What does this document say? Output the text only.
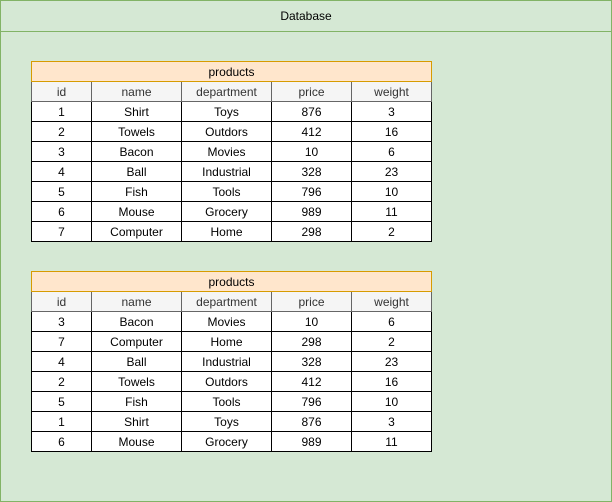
Database
products				
id	name	department	price	weight
1	Shirt	Toys	876	3
2	Towels	Outdors	412	16
3	Bacon	Movies	10	6
4	Ball	Industrial	328	23
5	Fish	Tools	796	10
6	Mouse	Grocery	989	11
7	Computer	Home	298	2
products				
id	name	department	price	weight
3	Bacon	Movies	10	6
7	Computer	Home	298	2
4	Ball	Industrial	328	23
2	Towels	Outdors	412	16
5	Fish	Tools	796	10
1	Shirt	Toys	876	3
6	Mouse	Grocery	989	11
